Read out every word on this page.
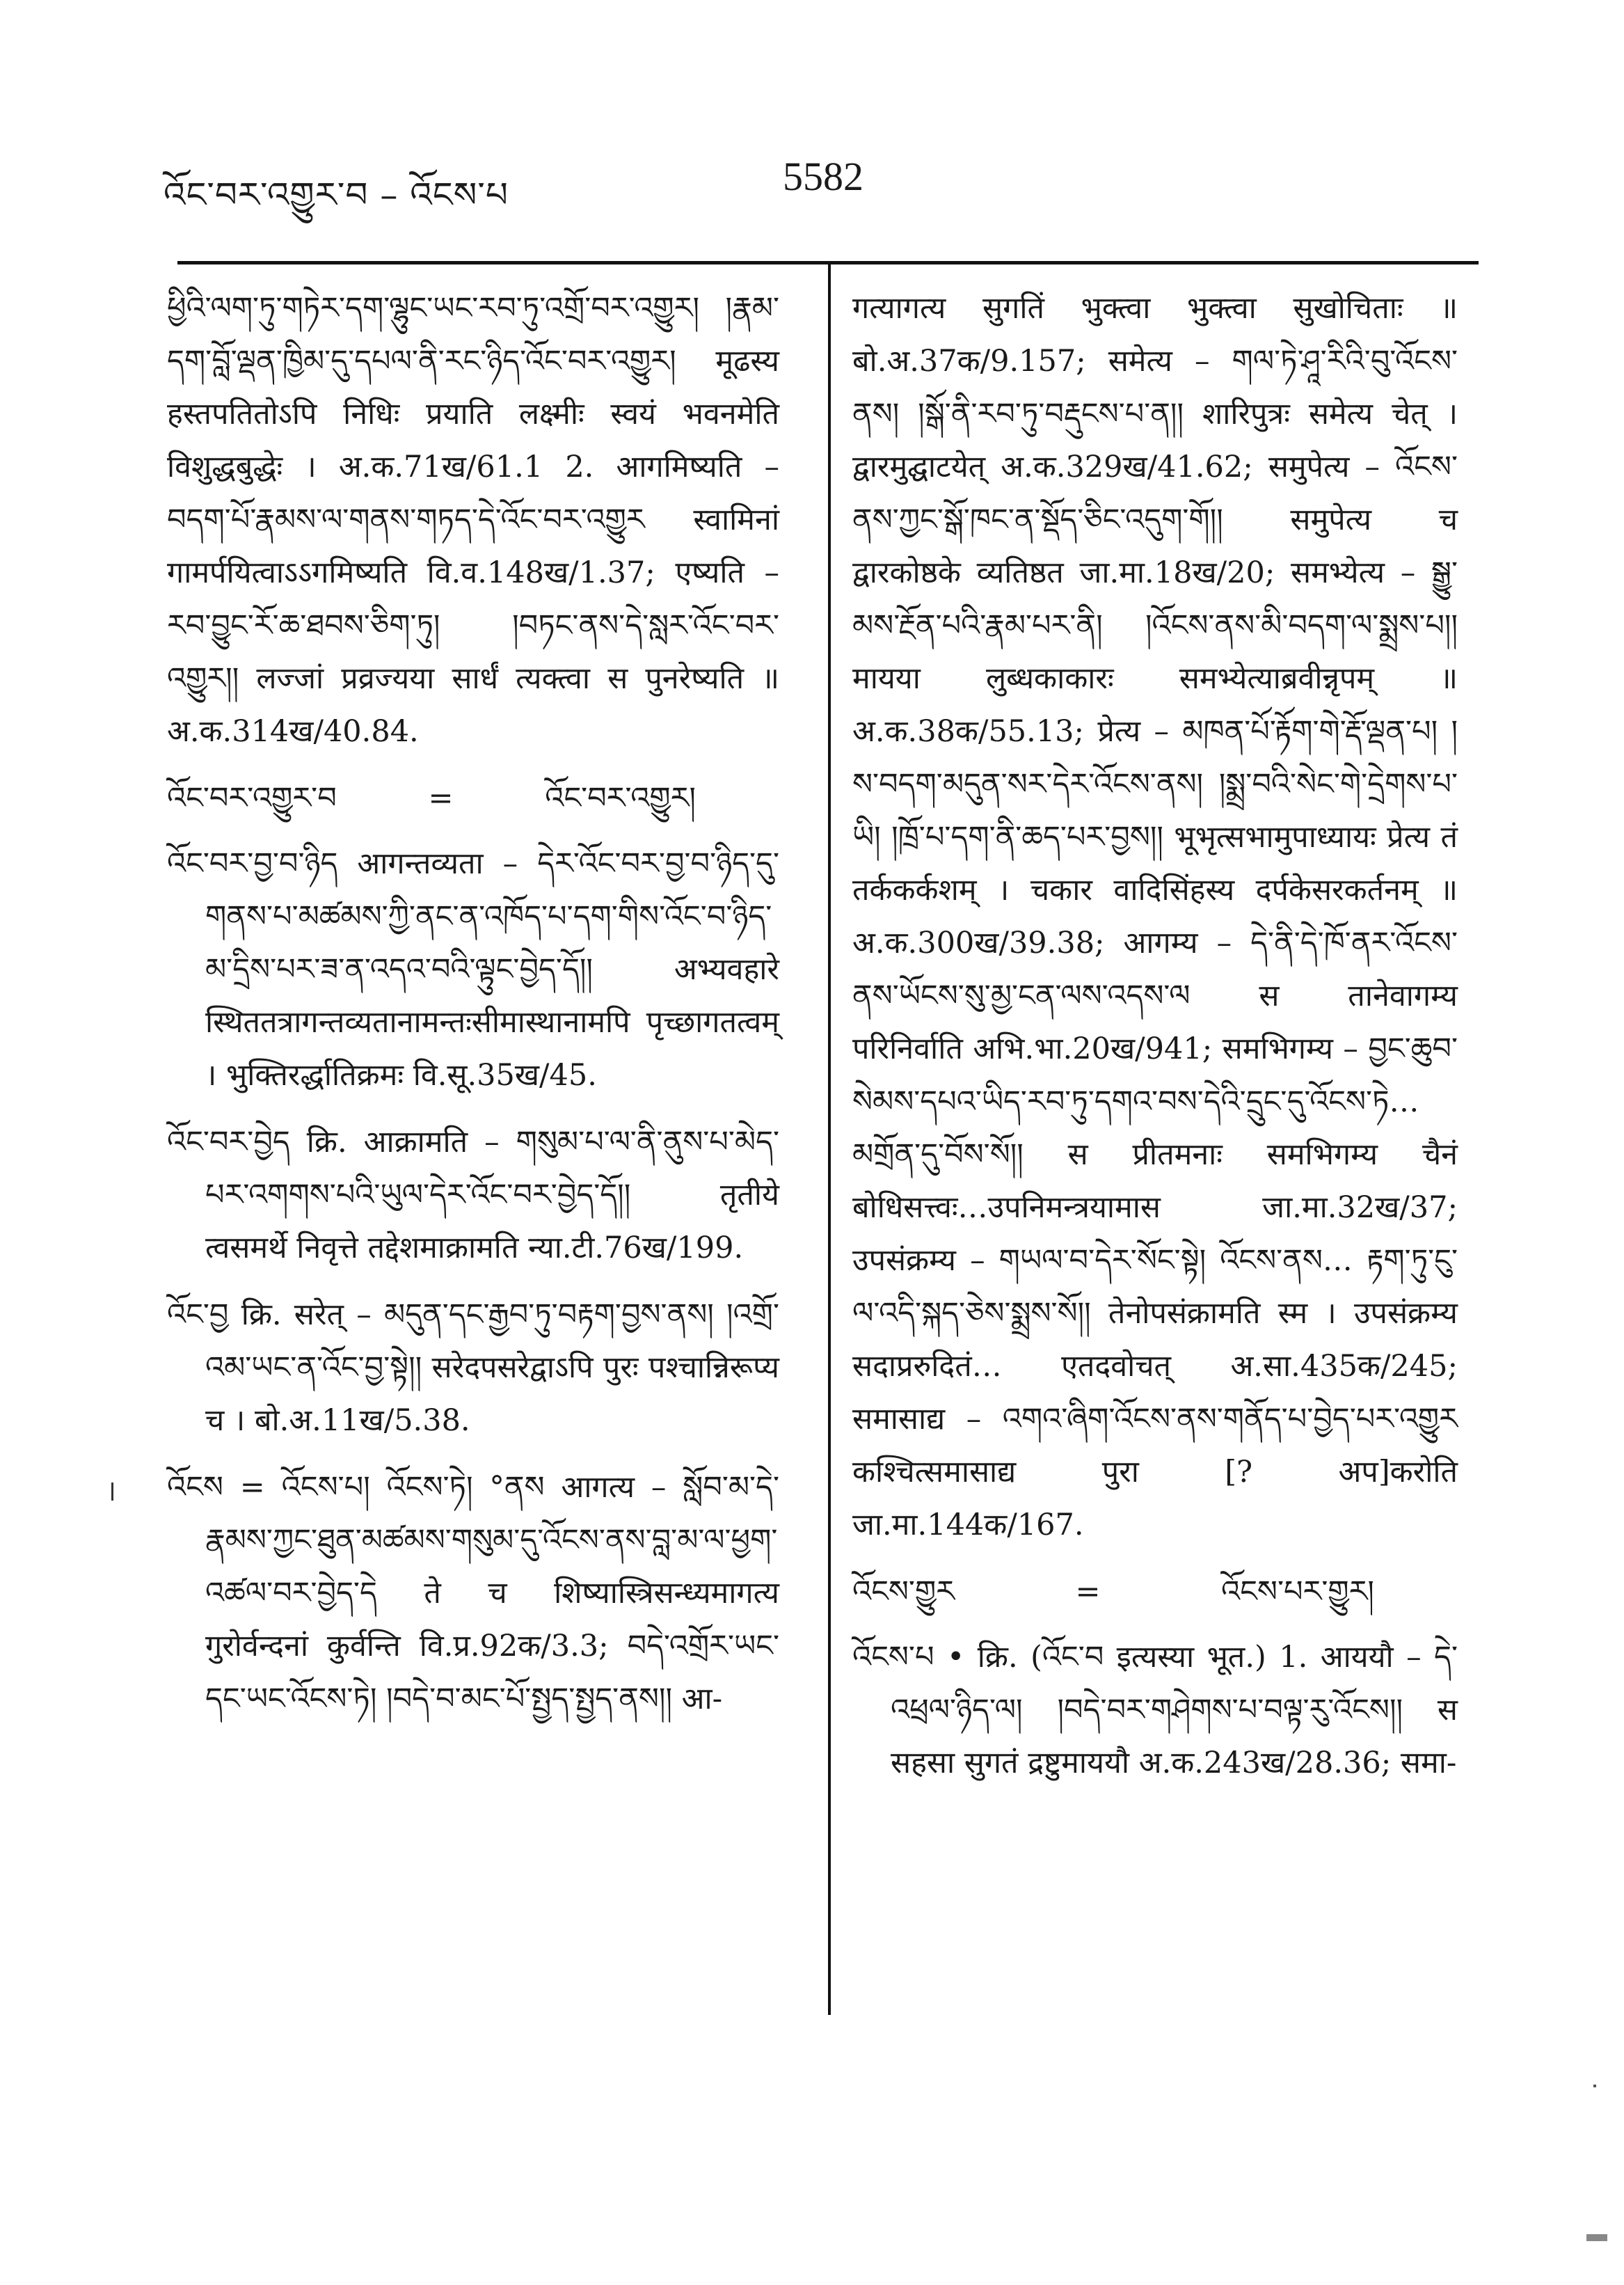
འོང་བར་འགྱུར་བ – འོངས་པ	5582

ཕྱིའི་ལག་ཏུ་གཏེར་དག་ལྷུང་ཡང་རབ་ཏུ་འགྲོ་བར་འགྱུར། །རྣམ་དག་བློ་ལྡན་ཁྱིམ་དུ་དཔལ་ནི་རང་ཉིད་འོང་བར་འགྱུར། मूढस्य हस्तपतितोऽपि निधिः प्रयाति लक्ष्मीः स्वयं भवनमेति विशुद्धबुद्धेः । अ.क.71ख/61.1 2. आगमिष्यति – བདག་པོ་རྣམས་ལ་གནས་གཏད་དེ་འོང་བར་འགྱུར स्वामिनां गामर्पयित्वाऽऽगमिष्यति वि.व.148ख/1.37; एष्यति – རབ་བྱུང་རོ་ཆ་ཐབས་ཅིག་ཏུ། །བཏང་ནས་དེ་སླར་འོང་བར་འགྱུར།། लज्जां प्रव्रज्यया सार्धं त्यक्त्वा स पुनरेष्यति ॥ अ.क.314ख/40.84.

འོང་བར་འགྱུར་བ	=	འོང་བར་འགྱུར།

འོང་བར་བྱ་བ་ཉིད आगन्तव्यता – དེར་འོང་བར་བྱ་བ་ཉིད་དུ་གནས་པ་མཚམས་ཀྱི་ནང་ན་འཁོད་པ་དག་གིས་འོང་བ་ཉིད་མ་དྲིས་པར་ཟ་ན་འདའ་བའི་ལྟུང་བྱེད་དོ།། अभ्यवहारे स्थिततत्रागन्तव्यतानामन्तःसीमास्थानामपि पृच्छागतत्वम् । भुक्तिरर्द्धातिक्रमः वि.सू.35ख/45.

འོང་བར་བྱེད क्रि. आक्रामति – གསུམ་པ་ལ་ནི་ནུས་པ་མེད་པར་འགགས་པའི་ཡུལ་དེར་འོང་བར་བྱེད་དོ།། तृतीये त्वसमर्थे निवृत्ते तद्देशमाक्रामति न्या.टी.76ख/199.

འོང་བྱ क्रि. सरेत् – མདུན་དང་རྒྱབ་ཏུ་བརྟག་བྱས་ནས། །འགྲོ་འམ་ཡང་ན་འོང་བྱ་སྟེ།། सरेदपसरेद्वाऽपि पुरः पश्चान्निरूप्य च । बो.अ.11ख/5.38.

འོངས = འོངས་པ། འོངས་ཏེ། °ནས आगत्य – སློབ་མ་དེ་རྣམས་ཀྱང་ཐུན་མཚམས་གསུམ་དུ་འོངས་ནས་བླ་མ་ལ་ཕྱག་འཚལ་བར་བྱེད་དེ ते च शिष्यास्त्रिसन्ध्यमागत्य गुरोर्वन्दनां कुर्वन्ति वि.प्र.92क/3.3; བདེ་འགྲོར་ཡང་དང་ཡང་འོངས་ཏེ། །བདེ་བ་མང་པོ་སྤྱད་སྤྱད་ནས།། आ-

गत्यागत्य सुगतिं भुक्त्वा भुक्त्वा सुखोचिताः ॥ बो.अ.37क/9.157; समेत्य – གལ་ཏེ་ཤཱ་རིའི་བུ་འོངས་ནས། །སྒོ་ནི་རབ་ཏུ་བརྡུངས་པ་ན།། शारिपुत्रः समेत्य चेत् । द्वारमुद्घाटयेत् अ.क.329ख/41.62; समुपेत्य – འོངས་ནས་ཀྱང་སྒོ་ཁང་ན་སྡོད་ཅིང་འདུག་གོ།། समुपेत्य च द्वारकोष्ठके व्यतिष्ठत जा.मा.18ख/20; समभ्येत्य – སྒྱུ་མས་རྔོན་པའི་རྣམ་པར་ནི། །འོངས་ནས་མི་བདག་ལ་སྨྲས་པ།། मायया लुब्धकाकारः समभ्येत्याब्रवीन्नृपम् ॥ अ.क.38क/55.13; प्रेत्य – མཁན་པོ་རྟོག་གེ་རྡོ་ལྡན་པ། །ས་བདག་མདུན་སར་དེར་འོངས་ནས། །སྨྲ་བའི་སེང་གེ་དྲེགས་པ་ཡི། །ཁྲོ་པ་དག་ནི་ཆད་པར་བྱས།། भूभृत्सभामुपाध्यायः प्रेत्य तं तर्ककर्कशम् । चकार वादिसिंहस्य दर्पकेसरकर्तनम् ॥ अ.क.300ख/39.38; आगम्य – དེ་ནི་དེ་ཁོ་ནར་འོངས་ནས་ཡོངས་སུ་མྱ་ངན་ལས་འདས་ལ स तानेवागम्य परिनिर्वाति अभि.भा.20ख/941; समभिगम्य – བྱང་ཆུབ་སེམས་དཔའ་ཡིད་རབ་ཏུ་དགའ་བས་དེའི་དྲུང་དུ་འོངས་ཏེ… མགྲོན་དུ་བོས་སོ།། स प्रीतमनाः समभिगम्य चैनं बोधिसत्त्वः…उपनिमन्त्रयामास जा.मा.32ख/37; उपसंक्रम्य – གཡལ་བ་དེར་སོང་སྟེ། འོངས་ནས… རྟག་ཏུ་ངུ་ལ་འདི་སྐད་ཅེས་སྨྲས་སོ།། तेनोपसंक्रामति स्म । उपसंक्रम्य सदाप्ररुदितं… एतदवोचत् अ.सा.435क/245; समासाद्य – འགའ་ཞིག་འོངས་ནས་གནོད་པ་བྱེད་པར་འགྱུར कश्चित्समासाद्य पुरा [? अप]करोति जा.मा.144क/167.

འོངས་གྱུར	=	འོངས་པར་གྱུར།

འོངས་པ • क्रि. (འོང་བ इत्यस्या भूत.) 1. आययौ – དེ་འཕྲལ་ཉིད་ལ། །བདེ་བར་གཤེགས་པ་བལྟ་རུ་འོངས།། स सहसा सुगतं द्रष्टुमाययौ अ.क.243ख/28.36; समा-
